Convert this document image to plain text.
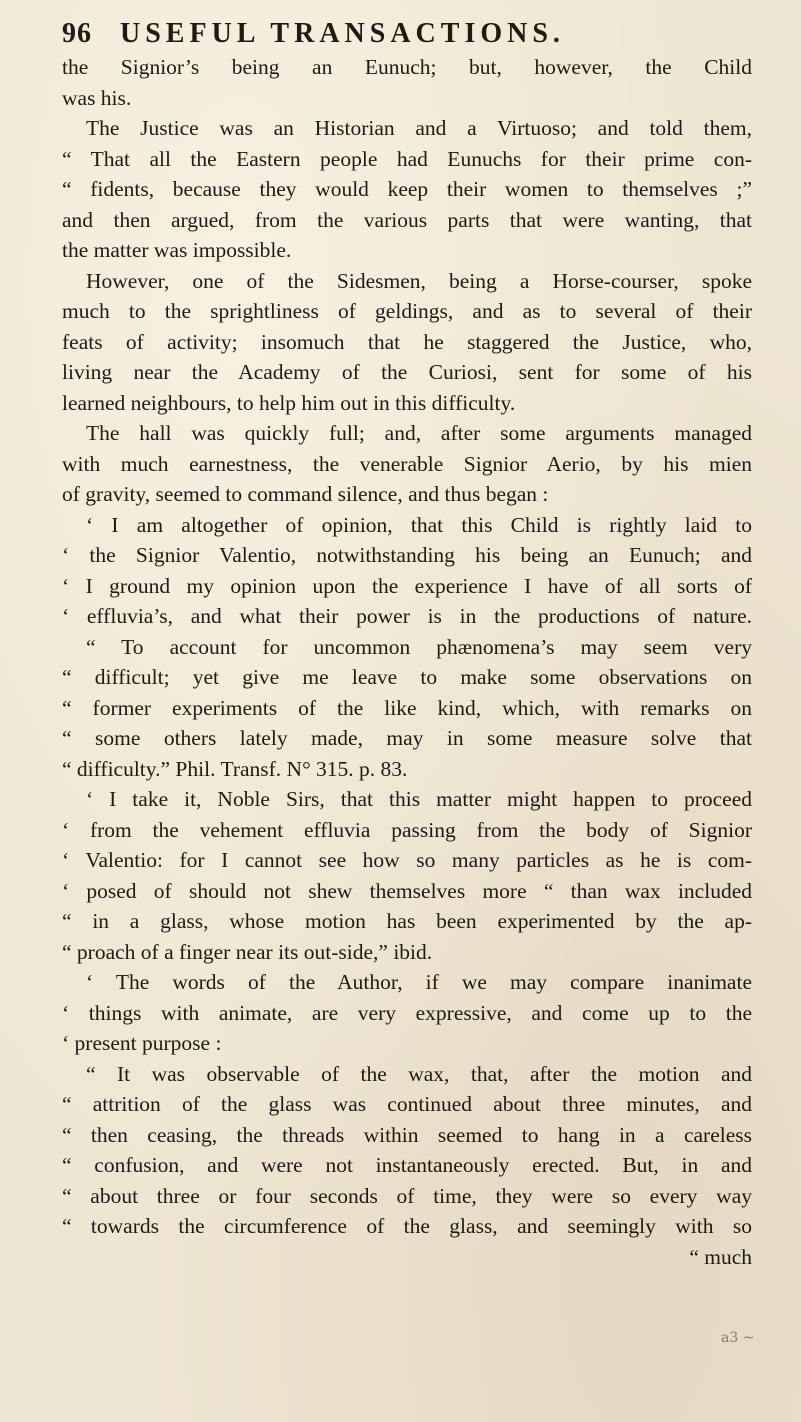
96 USEFUL TRANSACTIONS.
the Signior’s being an Eunuch; but, however, the Child
was his.
The Justice was an Historian and a Virtuoso; and told them,
“ That all the Eastern people had Eunuchs for their prime con-
“ fidents, because they would keep their women to themselves ;”
and then argued, from the various parts that were wanting, that
the matter was impossible.
However, one of the Sidesmen, being a Horse-courser, spoke
much to the sprightliness of geldings, and as to several of their
feats of activity; insomuch that he staggered the Justice, who,
living near the Academy of the Curiosi, sent for some of his
learned neighbours, to help him out in this difficulty.
The hall was quickly full; and, after some arguments managed
with much earnestness, the venerable Signior Aerio, by his mien
of gravity, seemed to command silence, and thus began :
‘ I am altogether of opinion, that this Child is rightly laid to
‘ the Signior Valentio, notwithstanding his being an Eunuch; and
‘ I ground my opinion upon the experience I have of all sorts of
‘ effluvia’s, and what their power is in the productions of nature.
“ To account for uncommon phænomena’s may seem very
“ difficult; yet give me leave to make some observations on
“ former experiments of the like kind, which, with remarks on
“ some others lately made, may in some measure solve that
“ difficulty.” Phil. Transf. N° 315. p. 83.
‘ I take it, Noble Sirs, that this matter might happen to proceed
‘ from the vehement effluvia passing from the body of Signior
‘ Valentio: for I cannot see how so many particles as he is com-
‘ posed of should not shew themselves more “ than wax included
“ in a glass, whose motion has been experimented by the ap-
“ proach of a finger near its out-side,” ibid.
‘ The words of the Author, if we may compare inanimate
‘ things with animate, are very expressive, and come up to the
‘ present purpose :
“ It was observable of the wax, that, after the motion and
“ attrition of the glass was continued about three minutes, and
“ then ceasing, the threads within seemed to hang in a careless
“ confusion, and were not instantaneously erected. But, in and
“ about three or four seconds of time, they were so every way
“ towards the circumference of the glass, and seemingly with so
“ much
a3 ~
